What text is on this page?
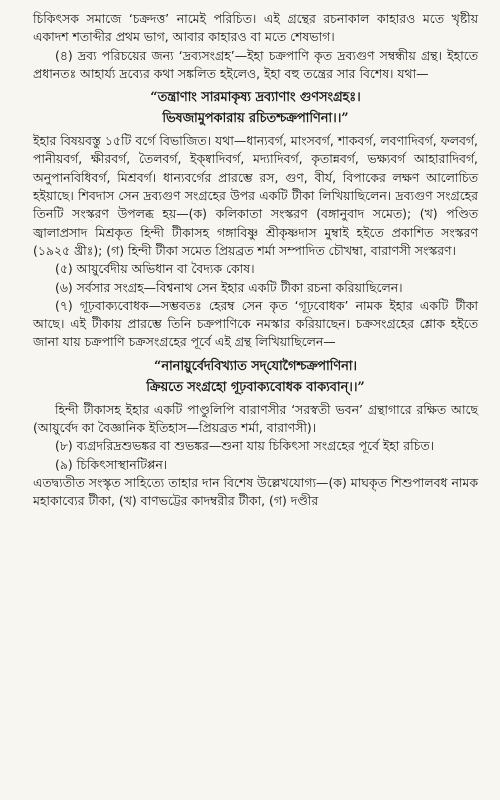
চিকিৎসক সমাজে ‘চক্রদত্ত’ নামেই পরিচিত। এই গ্রন্থের রচনাকাল কাহারও মতে খৃষ্টীয় একাদশ শতাব্দীর প্রথম ভাগ, আবার কাহারও বা মতে শেষভাগ।

(৪) দ্রব্য পরিচয়ের জন্য ‘দ্রব্যসংগ্রহ’—ইহা চক্রপাণি কৃত দ্রব্যগুণ সম্বন্ধীয় গ্রন্থ। ইহাতে প্রধানতঃ আহার্য্য দ্রব্যের কথা সঙ্কলিত হইলেও, ইহা বহু তন্ত্রের সার বিশেষ। যথা—

“তন্ত্রাণাং সারমাকৃষ্য দ্রব্যাণাং গুণসংগ্রহঃ।
ভিষজামুপকারায় রচিতশ্চক্রপাণিনা।।”

ইহার বিষয়বস্তু ১৫টি বর্গে বিভাজিত। যথা—ধান্যবর্গ, মাংসবর্গ, শাকবর্গ, লবণাদিবর্গ, ফলবর্গ, পানীয়বর্গ, ক্ষীরবর্গ, তৈলবর্গ, ইক্ষ্বাদিবর্গ, মদ্যাদিবর্গ, কৃতান্নবর্গ, ভক্ষ্যবর্গ আহারাদিবর্গ, অনুপানবিধিবর্গ, মিশ্রবর্গ। ধান্যবর্গের প্রারম্ভে রস, গুণ, বীর্য, বিপাকের লক্ষণ আলোচিত হইয়াছে। শিবদাস সেন দ্রব্যগুণ সংগ্রহের উপর একটি টীকা লিখিয়াছিলেন। দ্রব্যগুণ সংগ্রহের তিনটি সংস্করণ উপলব্ধ হয়—(ক) কলিকাতা সংস্করণ (বঙ্গানুবাদ সমেত); (খ) পণ্ডিত জ্বালাপ্রসাদ মিশ্রকৃত হিন্দী টীকাসহ গঙ্গাবিষ্ণু শ্রীকৃষ্ণদাস মুম্বাই হইতে প্রকাশিত সংস্করণ (১৯২৫ খ্রীঃ); (গ) হিন্দী টীকা সমেত প্রিয়ব্রত শর্মা সম্পাদিত চৌখম্বা, বারাণসী সংস্করণ।

(৫) আয়ুর্বেদীয় অভিধান বা বৈদ্যক কোষ।

(৬) সর্বসার সংগ্রহ—বিশ্বনাথ সেন ইহার একটি টীকা রচনা করিয়াছিলেন।

(৭) গূঢ়বাক্যবোধক—সম্ভবতঃ হেরম্ব সেন কৃত ‘গূঢ়বোধক’ নামক ইহার একটি টীকা আছে। এই টীকায় প্রারম্ভে তিনি চক্রপাণিকে নমস্কার করিয়াছেন। চক্রসংগ্রহের শ্লোক হইতে জানা যায় চক্রপাণি চক্রসংগ্রহের পূর্বে এই গ্রন্থ লিখিয়াছিলেন—

“নানায়ুর্বেদবিখ্যাত সদ্‌যোগৈশ্চক্রপাণিনা।
ক্রিয়তে সংগ্রহো গূঢ়বাক্যবোধক বাক্যবান্।।”

হিন্দী টীকাসহ ইহার একটি পাণ্ডুলিপি বারাণসীর ‘সরস্বতী ভবন’ গ্রন্থাগারে রক্ষিত আছে (আয়ুর্বেদ কা বৈজ্ঞানিক ইতিহাস—প্রিয়ব্রত শর্মা, বারাণসী)।

(৮) ব্যগ্রদরিদ্রশুভঙ্কর বা শুভঙ্কর—শুনা যায় চিকিৎসা সংগ্রহের পূর্বে ইহা রচিত।

(৯) চিকিৎসাস্থানটিপ্পন।

এতদ্ব্যতীত সংস্কৃত সাহিত্যে তাহার দান বিশেষ উল্লেখযোগ্য—(ক) মাঘকৃত শিশুপালবধ নামক মহাকাব্যের টীকা, (খ) বাণভট্টের কাদম্বরীর টীকা, (গ) দণ্ডীর

’
